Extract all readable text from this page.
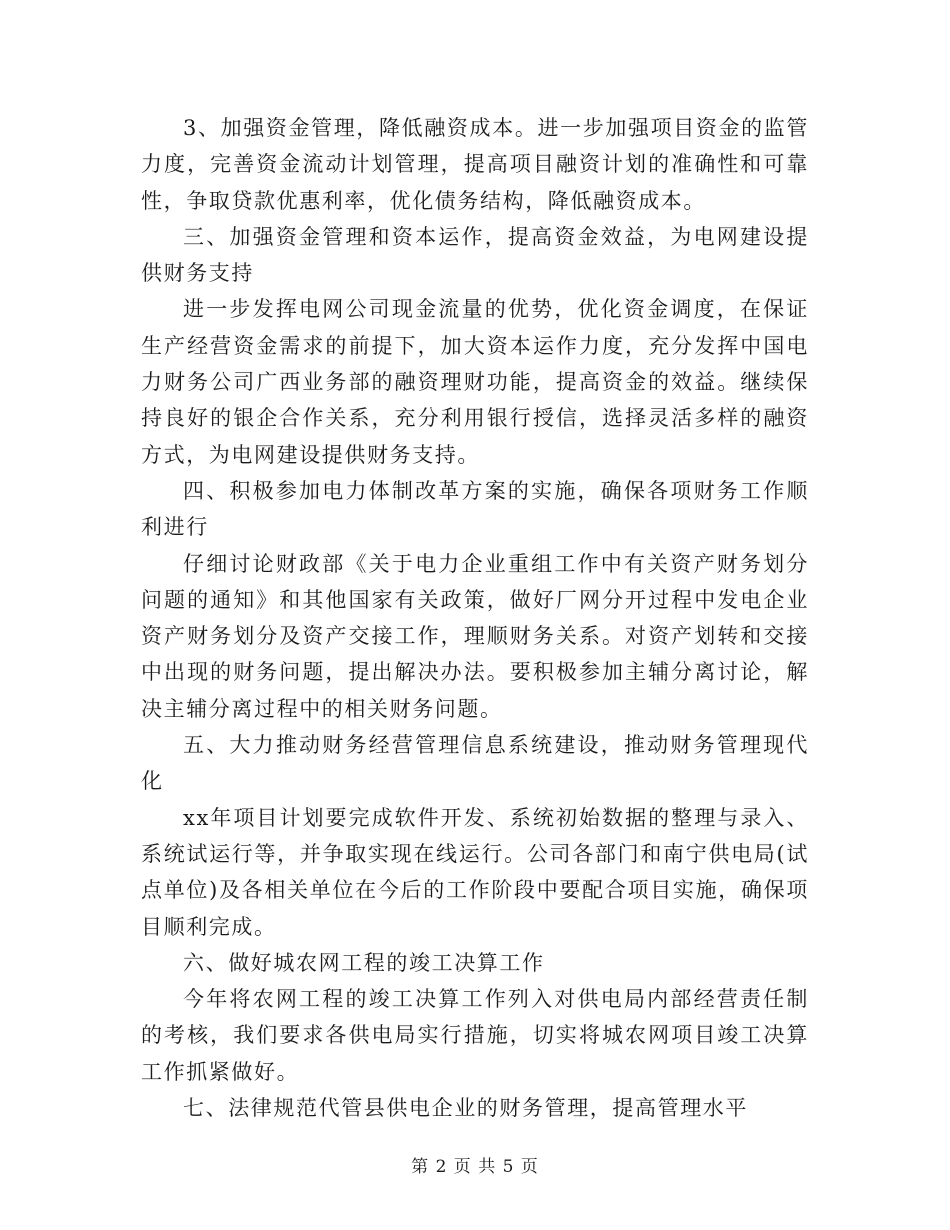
3、加强资金管理，降低融资成本。进一步加强项目资金的监管力度，完善资金流动计划管理，提高项目融资计划的准确性和可靠性，争取贷款优惠利率，优化债务结构，降低融资成本。

三、加强资金管理和资本运作，提高资金效益，为电网建设提供财务支持

进一步发挥电网公司现金流量的优势，优化资金调度，在保证生产经营资金需求的前提下，加大资本运作力度，充分发挥中国电力财务公司广西业务部的融资理财功能，提高资金的效益。继续保持良好的银企合作关系，充分利用银行授信，选择灵活多样的融资方式，为电网建设提供财务支持。

四、积极参加电力体制改革方案的实施，确保各项财务工作顺利进行

仔细讨论财政部《关于电力企业重组工作中有关资产财务划分问题的通知》和其他国家有关政策，做好厂网分开过程中发电企业资产财务划分及资产交接工作，理顺财务关系。对资产划转和交接中出现的财务问题，提出解决办法。要积极参加主辅分离讨论，解决主辅分离过程中的相关财务问题。

五、大力推动财务经营管理信息系统建设，推动财务管理现代化

xx年项目计划要完成软件开发、系统初始数据的整理与录入、系统试运行等，并争取实现在线运行。公司各部门和南宁供电局(试点单位)及各相关单位在今后的工作阶段中要配合项目实施，确保项目顺利完成。

六、做好城农网工程的竣工决算工作

今年将农网工程的竣工决算工作列入对供电局内部经营责任制的考核，我们要求各供电局实行措施，切实将城农网项目竣工决算工作抓紧做好。

七、法律规范代管县供电企业的财务管理，提高管理水平

第 2 页 共 5 页
